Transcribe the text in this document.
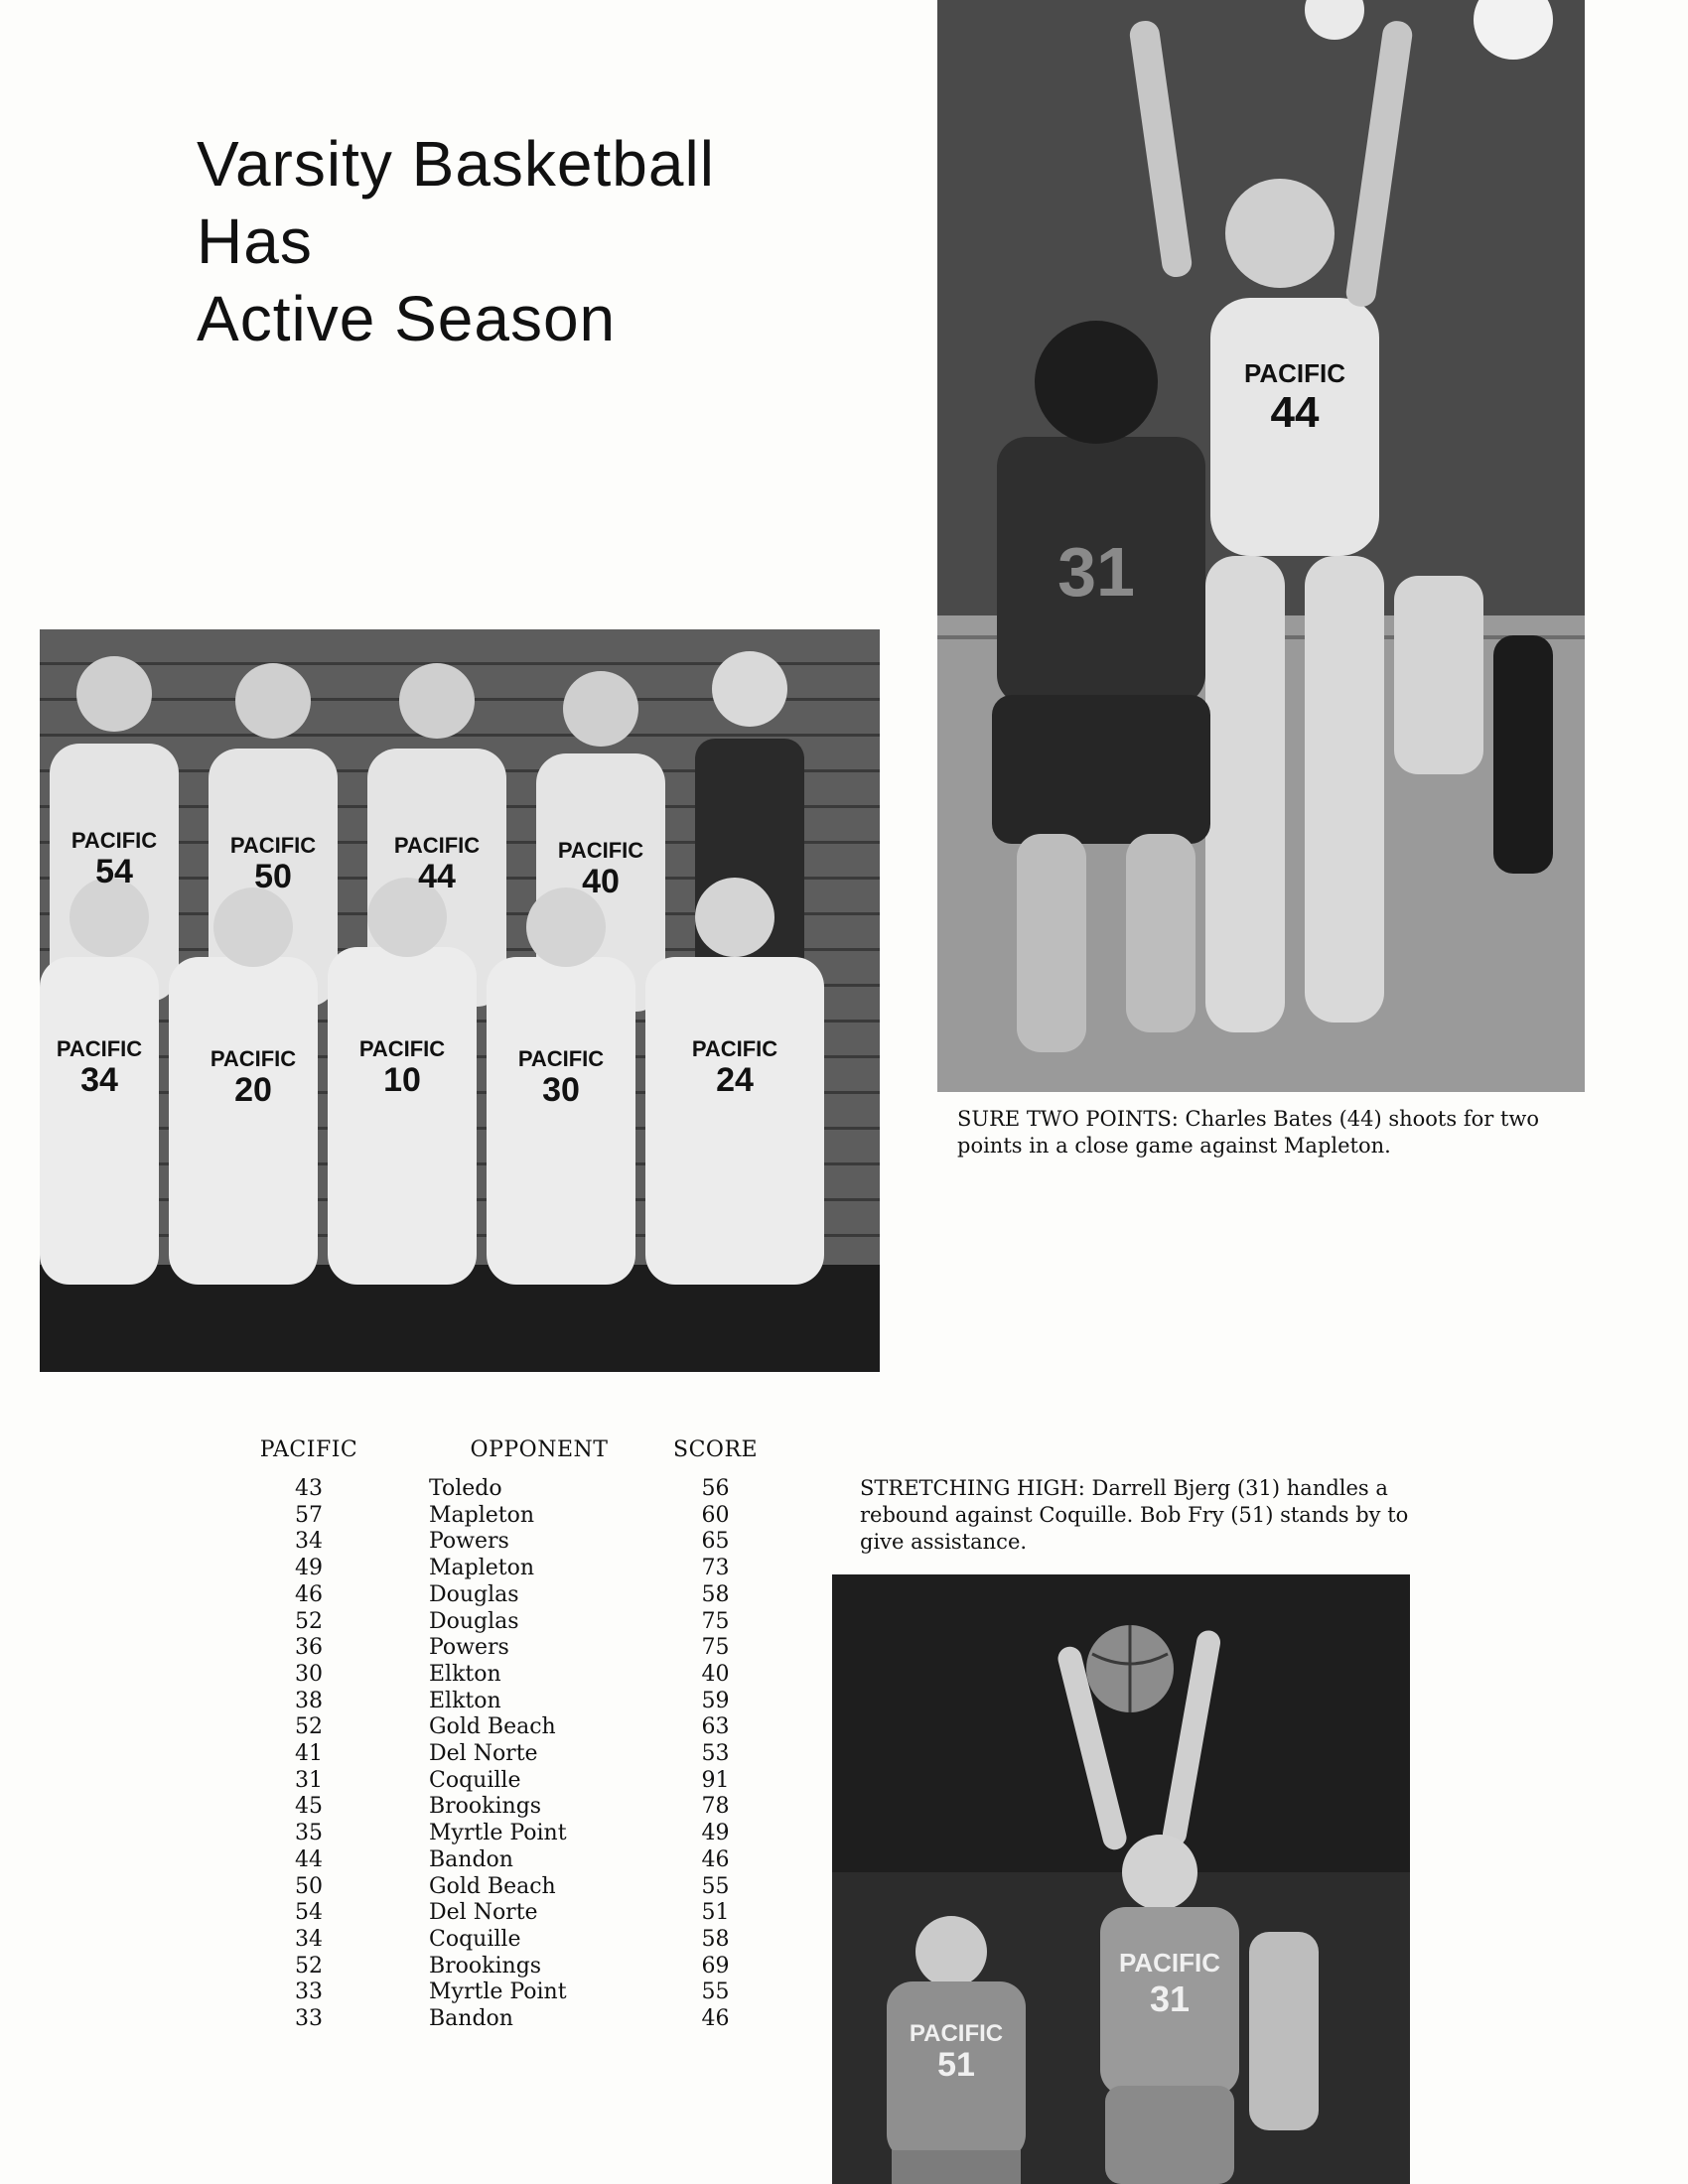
Varsity Basketball
Has
Active Season
PACIFIC
54
PACIFIC
50
PACIFIC
44
PACIFIC
40
PACIFIC
34
PACIFIC
20
PACIFIC
10
PACIFIC
30
PACIFIC
24
PACIFIC
44
31
SURE TWO POINTS: Charles Bates (44) shoots for two points in a close game against Mapleton.
PACIFIC	OPPONENT	SCORE
43	Toledo	56
57	Mapleton	60
34	Powers	65
49	Mapleton	73
46	Douglas	58
52	Douglas	75
36	Powers	75
30	Elkton	40
38	Elkton	59
52	Gold Beach	63
41	Del Norte	53
31	Coquille	91
45	Brookings	78
35	Myrtle Point	49
44	Bandon	46
50	Gold Beach	55
54	Del Norte	51
34	Coquille	58
52	Brookings	69
33	Myrtle Point	55
33	Bandon	46
STRETCHING HIGH: Darrell Bjerg (31) handles a rebound against Coquille. Bob Fry (51) stands by to give assistance.
PACIFIC
31
PACIFIC
51
